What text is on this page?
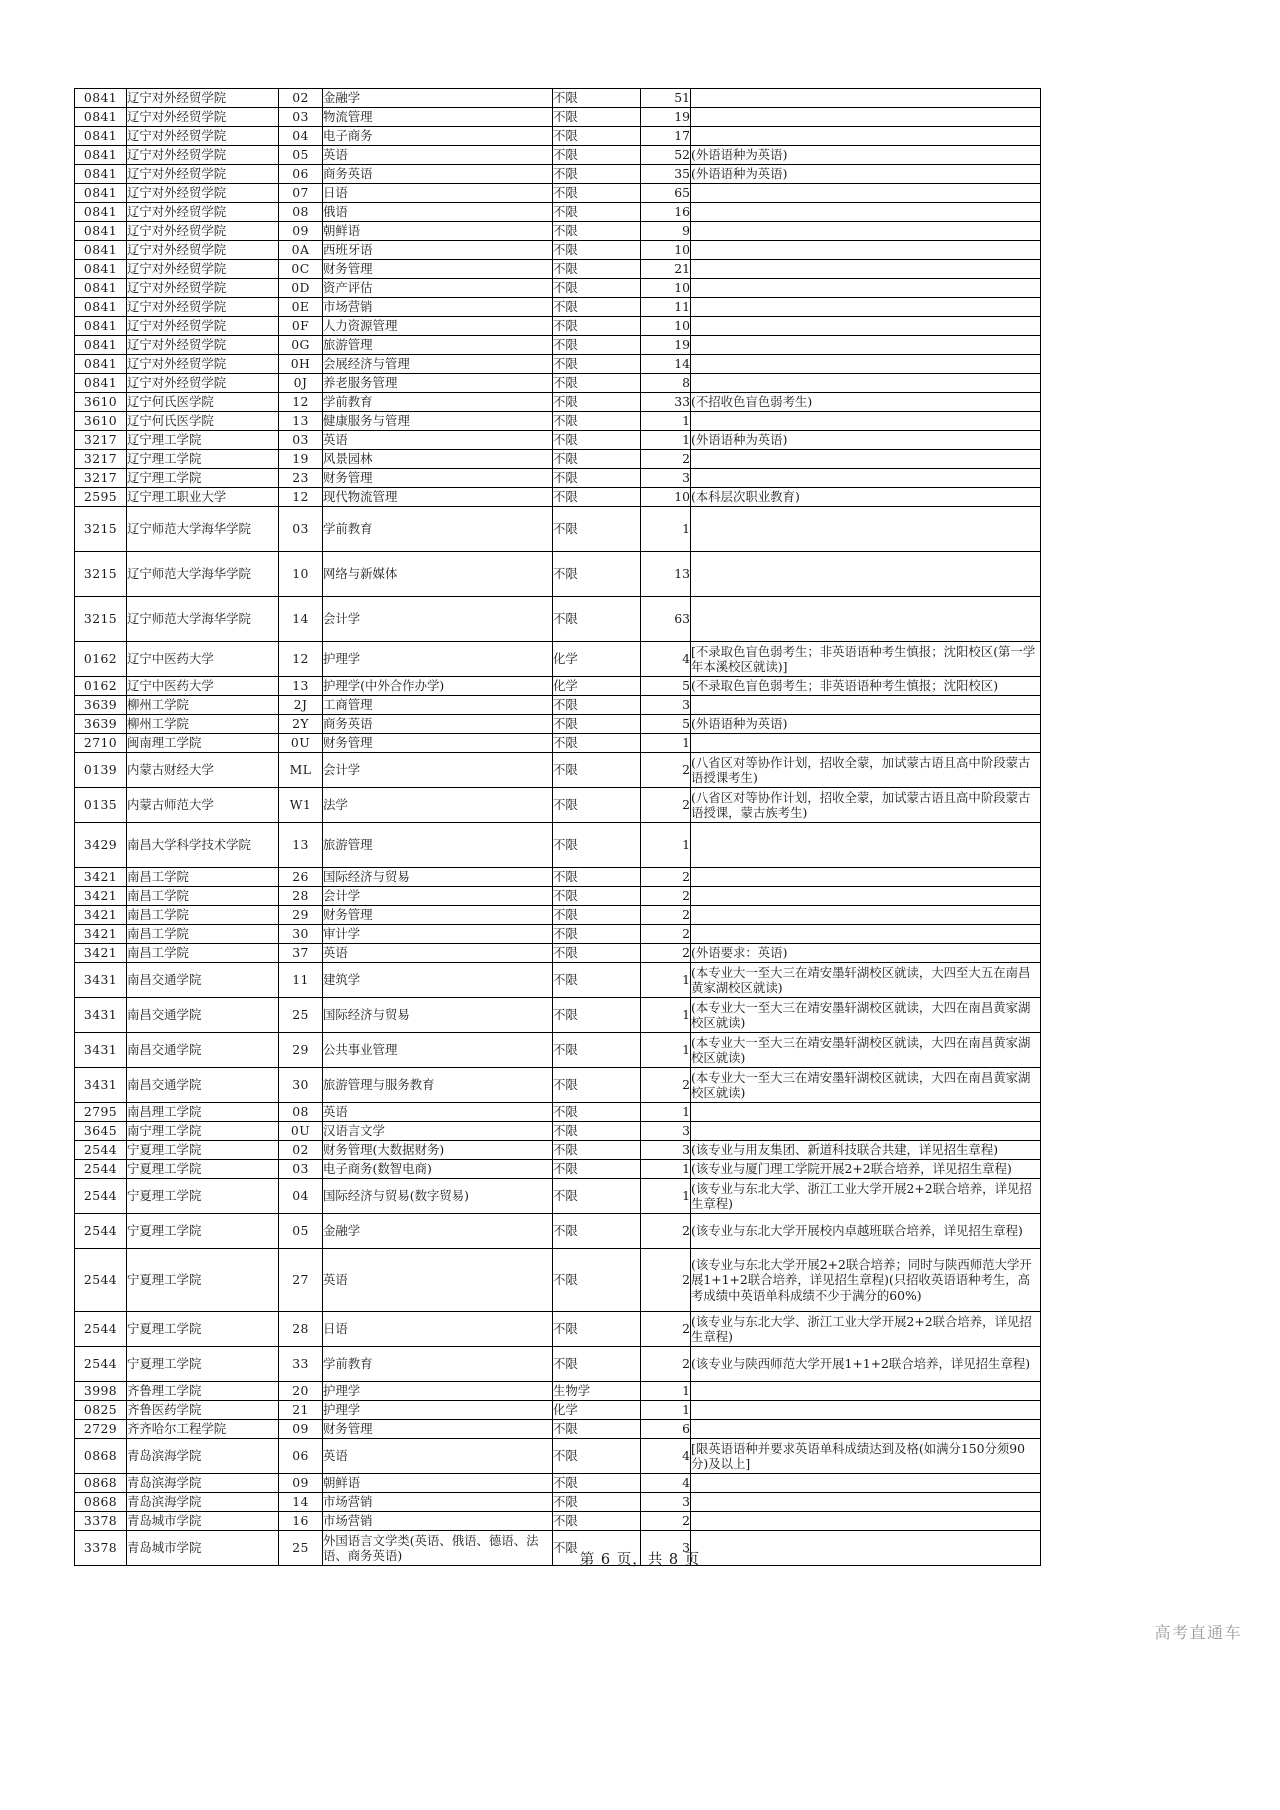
0841	辽宁对外经贸学院	02	金融学	不限	51	
0841	辽宁对外经贸学院	03	物流管理	不限	19	
0841	辽宁对外经贸学院	04	电子商务	不限	17	
0841	辽宁对外经贸学院	05	英语	不限	52	(外语语种为英语)
0841	辽宁对外经贸学院	06	商务英语	不限	35	(外语语种为英语)
0841	辽宁对外经贸学院	07	日语	不限	65	
0841	辽宁对外经贸学院	08	俄语	不限	16	
0841	辽宁对外经贸学院	09	朝鲜语	不限	9	
0841	辽宁对外经贸学院	0A	西班牙语	不限	10	
0841	辽宁对外经贸学院	0C	财务管理	不限	21	
0841	辽宁对外经贸学院	0D	资产评估	不限	10	
0841	辽宁对外经贸学院	0E	市场营销	不限	11	
0841	辽宁对外经贸学院	0F	人力资源管理	不限	10	
0841	辽宁对外经贸学院	0G	旅游管理	不限	19	
0841	辽宁对外经贸学院	0H	会展经济与管理	不限	14	
0841	辽宁对外经贸学院	0J	养老服务管理	不限	8	
3610	辽宁何氏医学院	12	学前教育	不限	33	(不招收色盲色弱考生)
3610	辽宁何氏医学院	13	健康服务与管理	不限	1	
3217	辽宁理工学院	03	英语	不限	1	(外语语种为英语)
3217	辽宁理工学院	19	风景园林	不限	2	
3217	辽宁理工学院	23	财务管理	不限	3	
2595	辽宁理工职业大学	12	现代物流管理	不限	10	(本科层次职业教育)
3215	辽宁师范大学海华学院	03	学前教育	不限	1	
3215	辽宁师范大学海华学院	10	网络与新媒体	不限	13	
3215	辽宁师范大学海华学院	14	会计学	不限	63	
0162	辽宁中医药大学	12	护理学	化学	4	[不录取色盲色弱考生；非英语语种考生慎报；沈阳校区(第一学年本溪校区就读)]
0162	辽宁中医药大学	13	护理学(中外合作办学)	化学	5	(不录取色盲色弱考生；非英语语种考生慎报；沈阳校区)
3639	柳州工学院	2J	工商管理	不限	3	
3639	柳州工学院	2Y	商务英语	不限	5	(外语语种为英语)
2710	闽南理工学院	0U	财务管理	不限	1	
0139	内蒙古财经大学	ML	会计学	不限	2	(八省区对等协作计划，招收全蒙，加试蒙古语且高中阶段蒙古语授课考生)
0135	内蒙古师范大学	W1	法学	不限	2	(八省区对等协作计划，招收全蒙，加试蒙古语且高中阶段蒙古语授课，蒙古族考生)
3429	南昌大学科学技术学院	13	旅游管理	不限	1	
3421	南昌工学院	26	国际经济与贸易	不限	2	
3421	南昌工学院	28	会计学	不限	2	
3421	南昌工学院	29	财务管理	不限	2	
3421	南昌工学院	30	审计学	不限	2	
3421	南昌工学院	37	英语	不限	2	(外语要求：英语)
3431	南昌交通学院	11	建筑学	不限	1	(本专业大一至大三在靖安墨轩湖校区就读，大四至大五在南昌黄家湖校区就读)
3431	南昌交通学院	25	国际经济与贸易	不限	1	(本专业大一至大三在靖安墨轩湖校区就读，大四在南昌黄家湖校区就读)
3431	南昌交通学院	29	公共事业管理	不限	1	(本专业大一至大三在靖安墨轩湖校区就读，大四在南昌黄家湖校区就读)
3431	南昌交通学院	30	旅游管理与服务教育	不限	2	(本专业大一至大三在靖安墨轩湖校区就读，大四在南昌黄家湖校区就读)
2795	南昌理工学院	08	英语	不限	1	
3645	南宁理工学院	0U	汉语言文学	不限	3	
2544	宁夏理工学院	02	财务管理(大数据财务)	不限	3	(该专业与用友集团、新道科技联合共建，详见招生章程)
2544	宁夏理工学院	03	电子商务(数智电商)	不限	1	(该专业与厦门理工学院开展2+2联合培养，详见招生章程)
2544	宁夏理工学院	04	国际经济与贸易(数字贸易)	不限	1	(该专业与东北大学、浙江工业大学开展2+2联合培养，详见招生章程)
2544	宁夏理工学院	05	金融学	不限	2	(该专业与东北大学开展校内卓越班联合培养，详见招生章程)
2544	宁夏理工学院	27	英语	不限	2	(该专业与东北大学开展2+2联合培养；同时与陕西师范大学开展1+1+2联合培养，详见招生章程)(只招收英语语种考生，高考成绩中英语单科成绩不少于满分的60%)
2544	宁夏理工学院	28	日语	不限	2	(该专业与东北大学、浙江工业大学开展2+2联合培养，详见招生章程)
2544	宁夏理工学院	33	学前教育	不限	2	(该专业与陕西师范大学开展1+1+2联合培养，详见招生章程)
3998	齐鲁理工学院	20	护理学	生物学	1	
0825	齐鲁医药学院	21	护理学	化学	1	
2729	齐齐哈尔工程学院	09	财务管理	不限	6	
0868	青岛滨海学院	06	英语	不限	4	[限英语语种并要求英语单科成绩达到及格(如满分150分须90分)及以上]
0868	青岛滨海学院	09	朝鲜语	不限	4	
0868	青岛滨海学院	14	市场营销	不限	3	
3378	青岛城市学院	16	市场营销	不限	2	
3378	青岛城市学院	25	外国语言文学类(英语、俄语、德语、法语、商务英语)	不限	3	
第 6 页，共 8 页
高考直通车
